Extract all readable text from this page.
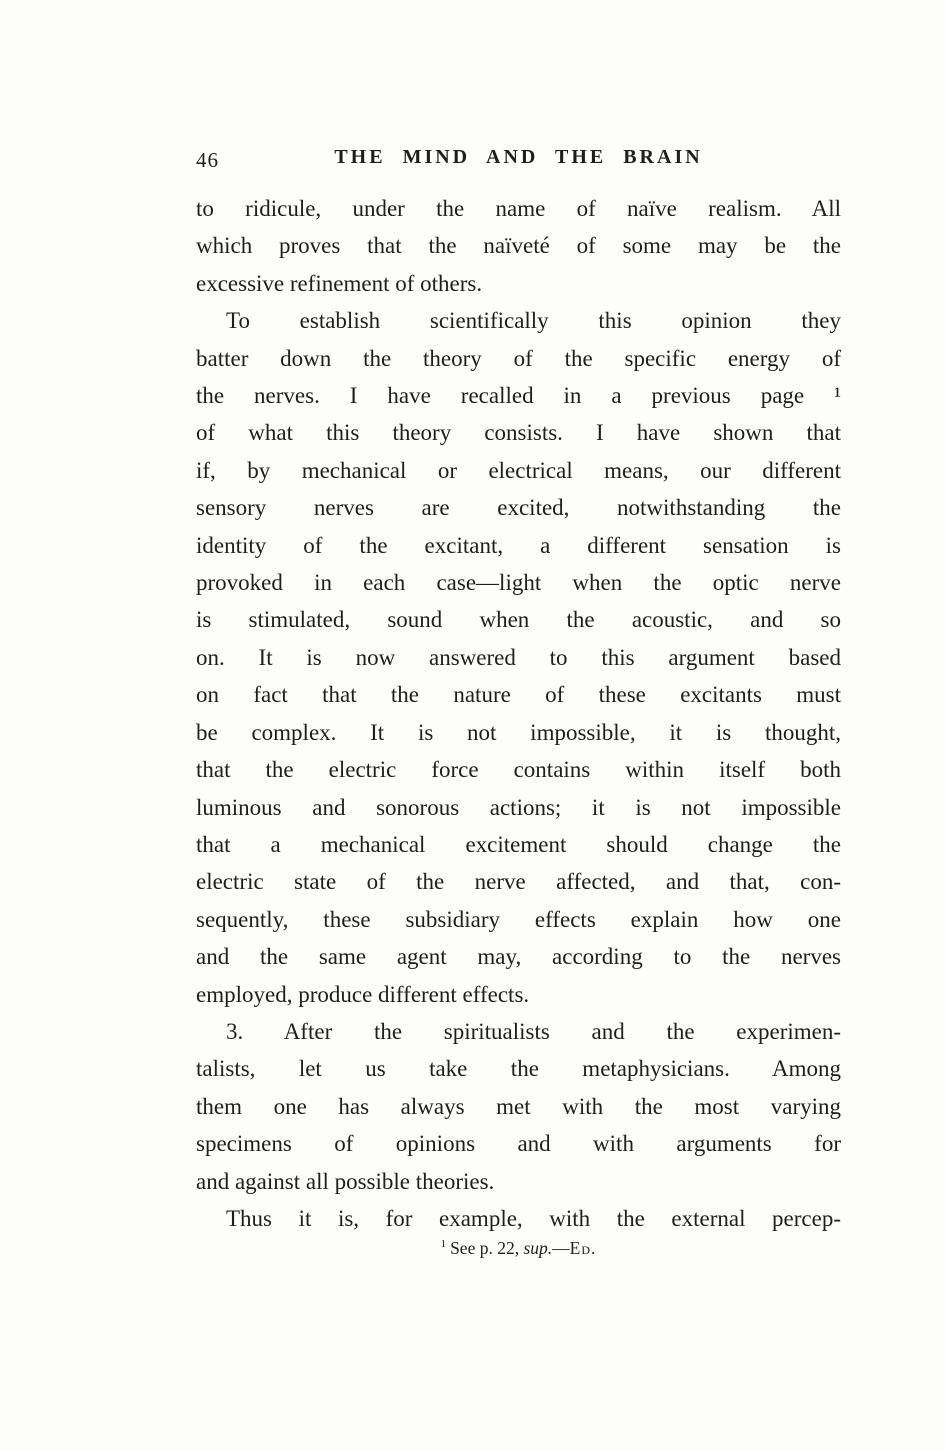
46	THE MIND AND THE BRAIN
to ridicule, under the name of naïve realism. All
which proves that the naïveté of some may be the
excessive refinement of others.
To establish scientifically this opinion they
batter down the theory of the specific energy of
the nerves. I have recalled in a previous page ¹
of what this theory consists. I have shown that
if, by mechanical or electrical means, our different
sensory nerves are excited, notwithstanding the
identity of the excitant, a different sensation is
provoked in each case—light when the optic nerve
is stimulated, sound when the acoustic, and so
on. It is now answered to this argument based
on fact that the nature of these excitants must
be complex. It is not impossible, it is thought,
that the electric force contains within itself both
luminous and sonorous actions; it is not impossible
that a mechanical excitement should change the
electric state of the nerve affected, and that, con-
sequently, these subsidiary effects explain how one
and the same agent may, according to the nerves
employed, produce different effects.
3. After the spiritualists and the experimen-
talists, let us take the metaphysicians. Among
them one has always met with the most varying
specimens of opinions and with arguments for
and against all possible theories.
Thus it is, for example, with the external percep-
$^1$ See p. 22, sup.—Ed.
